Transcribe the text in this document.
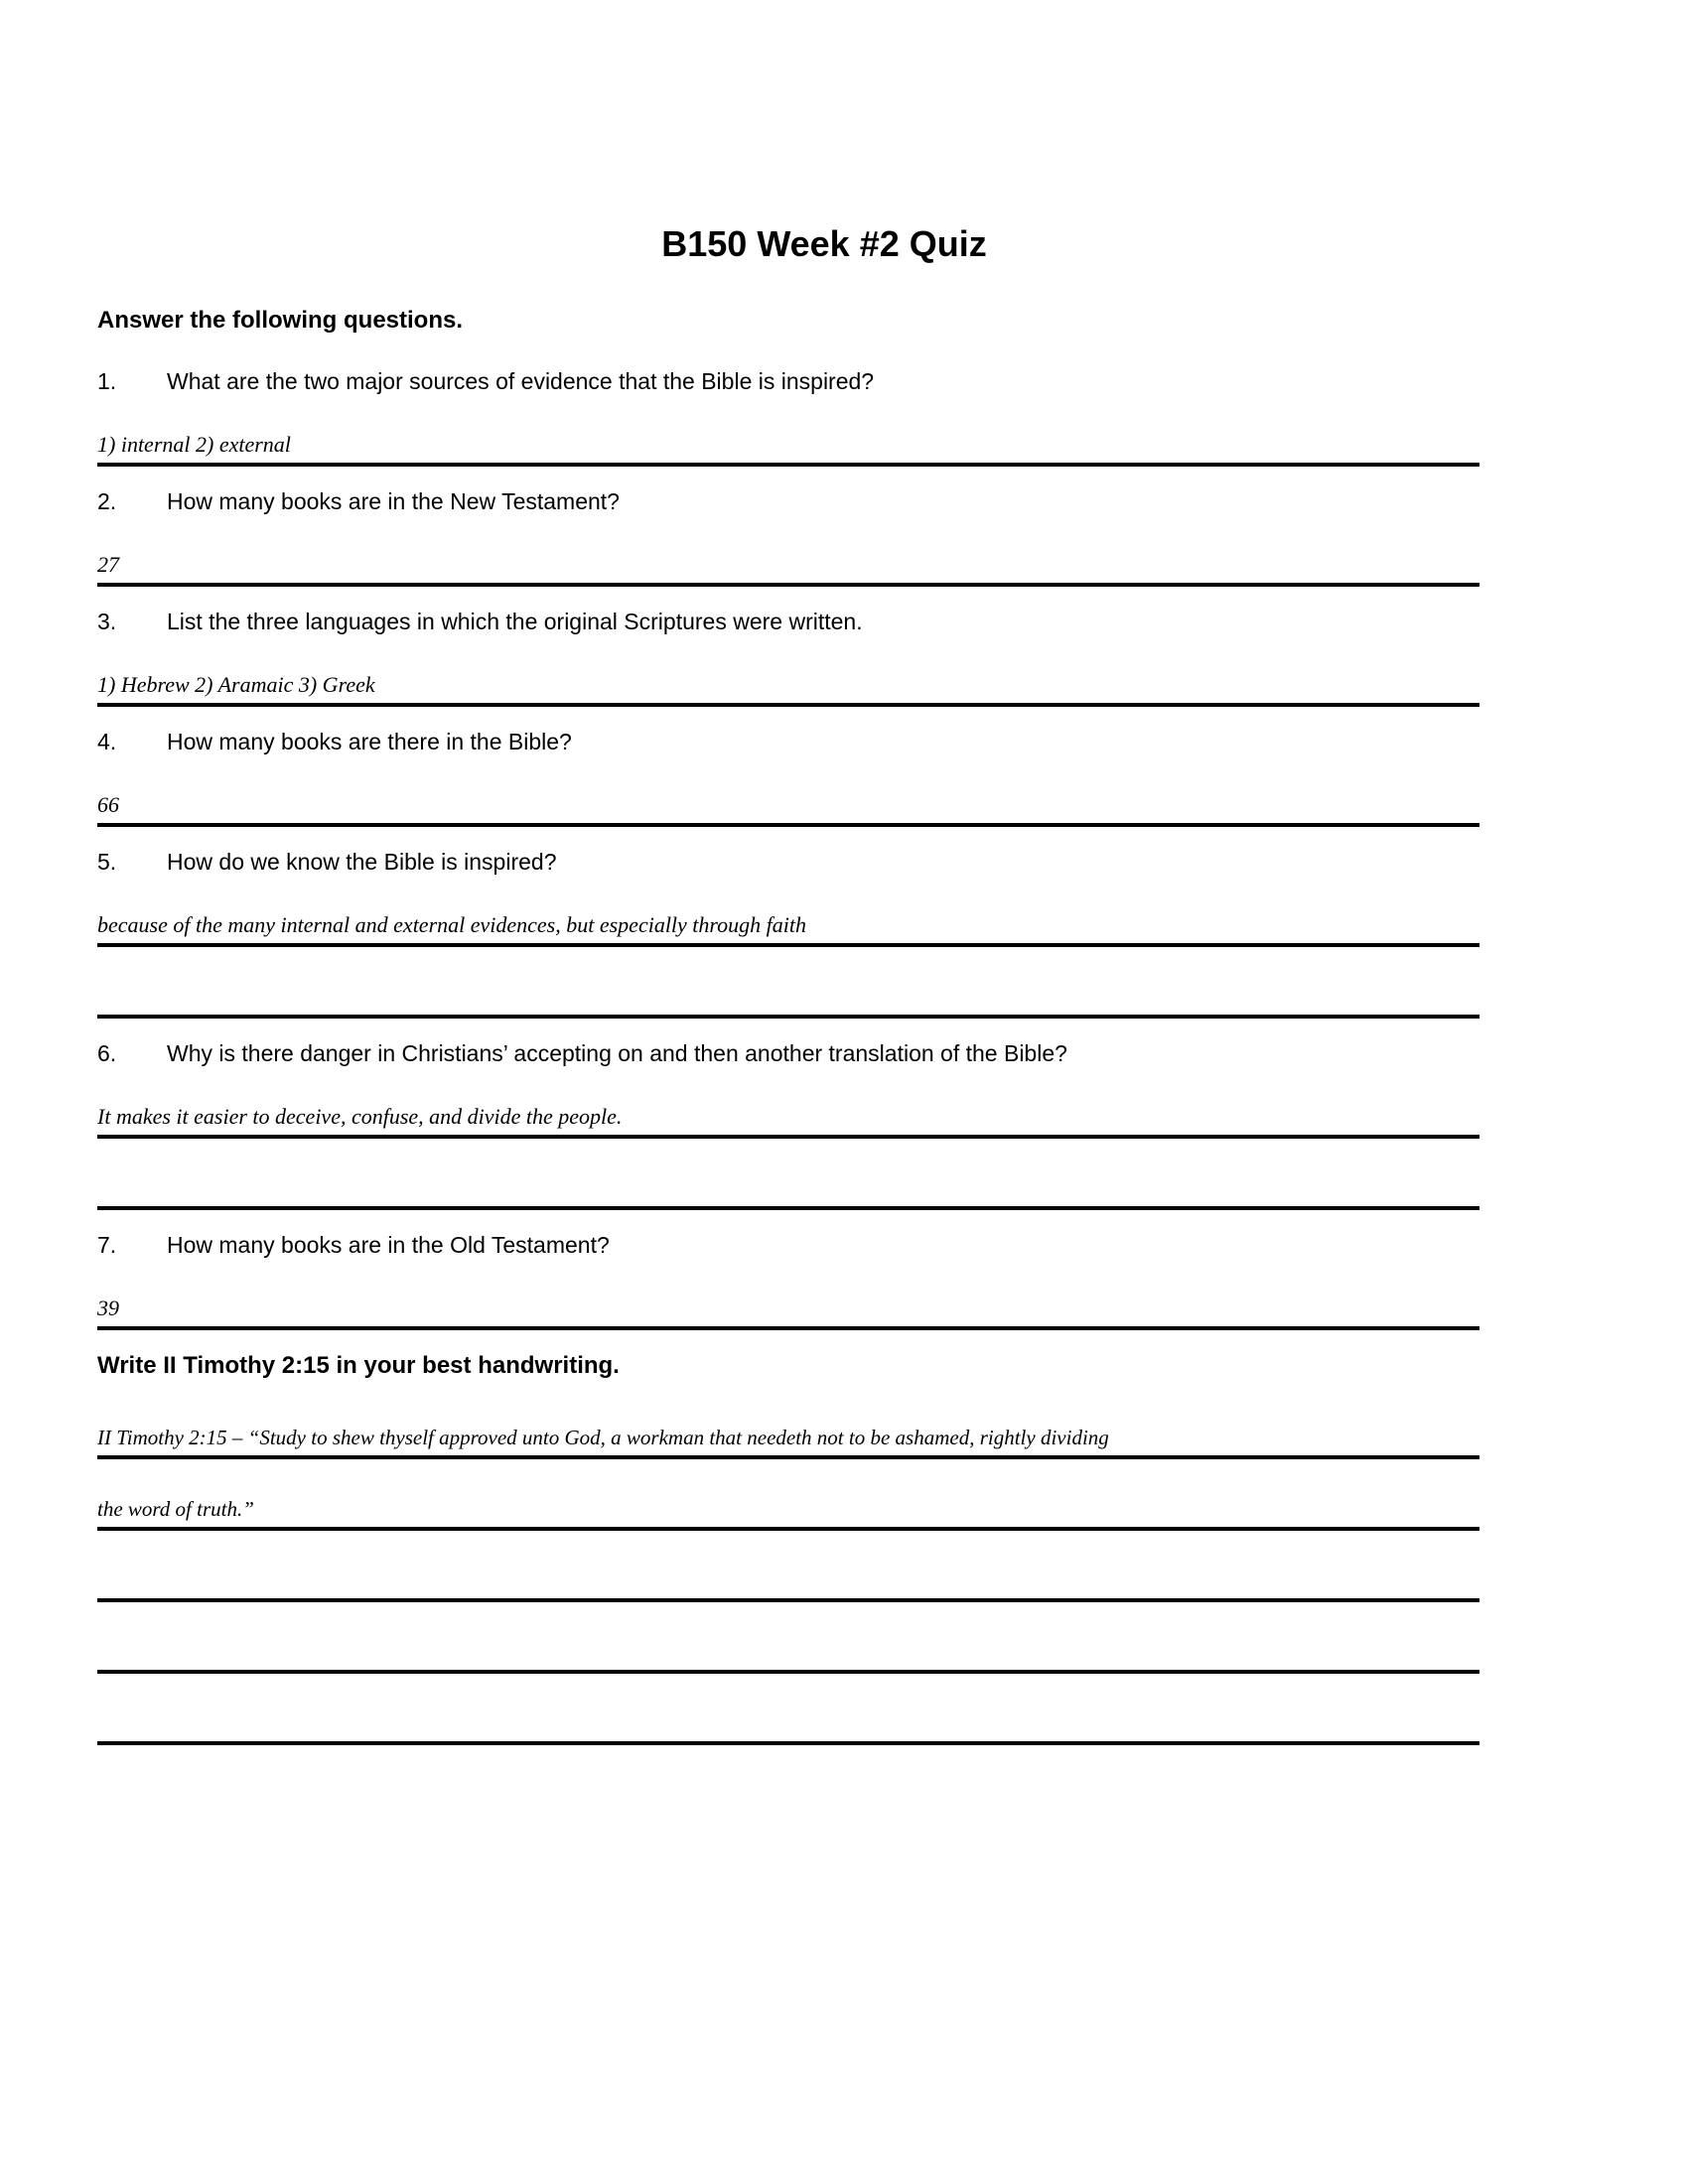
B150 Week #2 Quiz
Answer the following questions.
1. What are the two major sources of evidence that the Bible is inspired?
1) internal 2) external
2. How many books are in the New Testament?
27
3. List the three languages in which the original Scriptures were written.
1) Hebrew 2) Aramaic 3) Greek
4. How many books are there in the Bible?
66
5. How do we know the Bible is inspired?
because of the many internal and external evidences, but especially through faith
6. Why is there danger in Christians’ accepting on and then another translation of the Bible?
It makes it easier to deceive, confuse, and divide the people.
7. How many books are in the Old Testament?
39
Write II Timothy 2:15 in your best handwriting.
II Timothy 2:15 – “Study to shew thyself approved unto God, a workman that needeth not to be ashamed, rightly dividing
the word of truth.”
